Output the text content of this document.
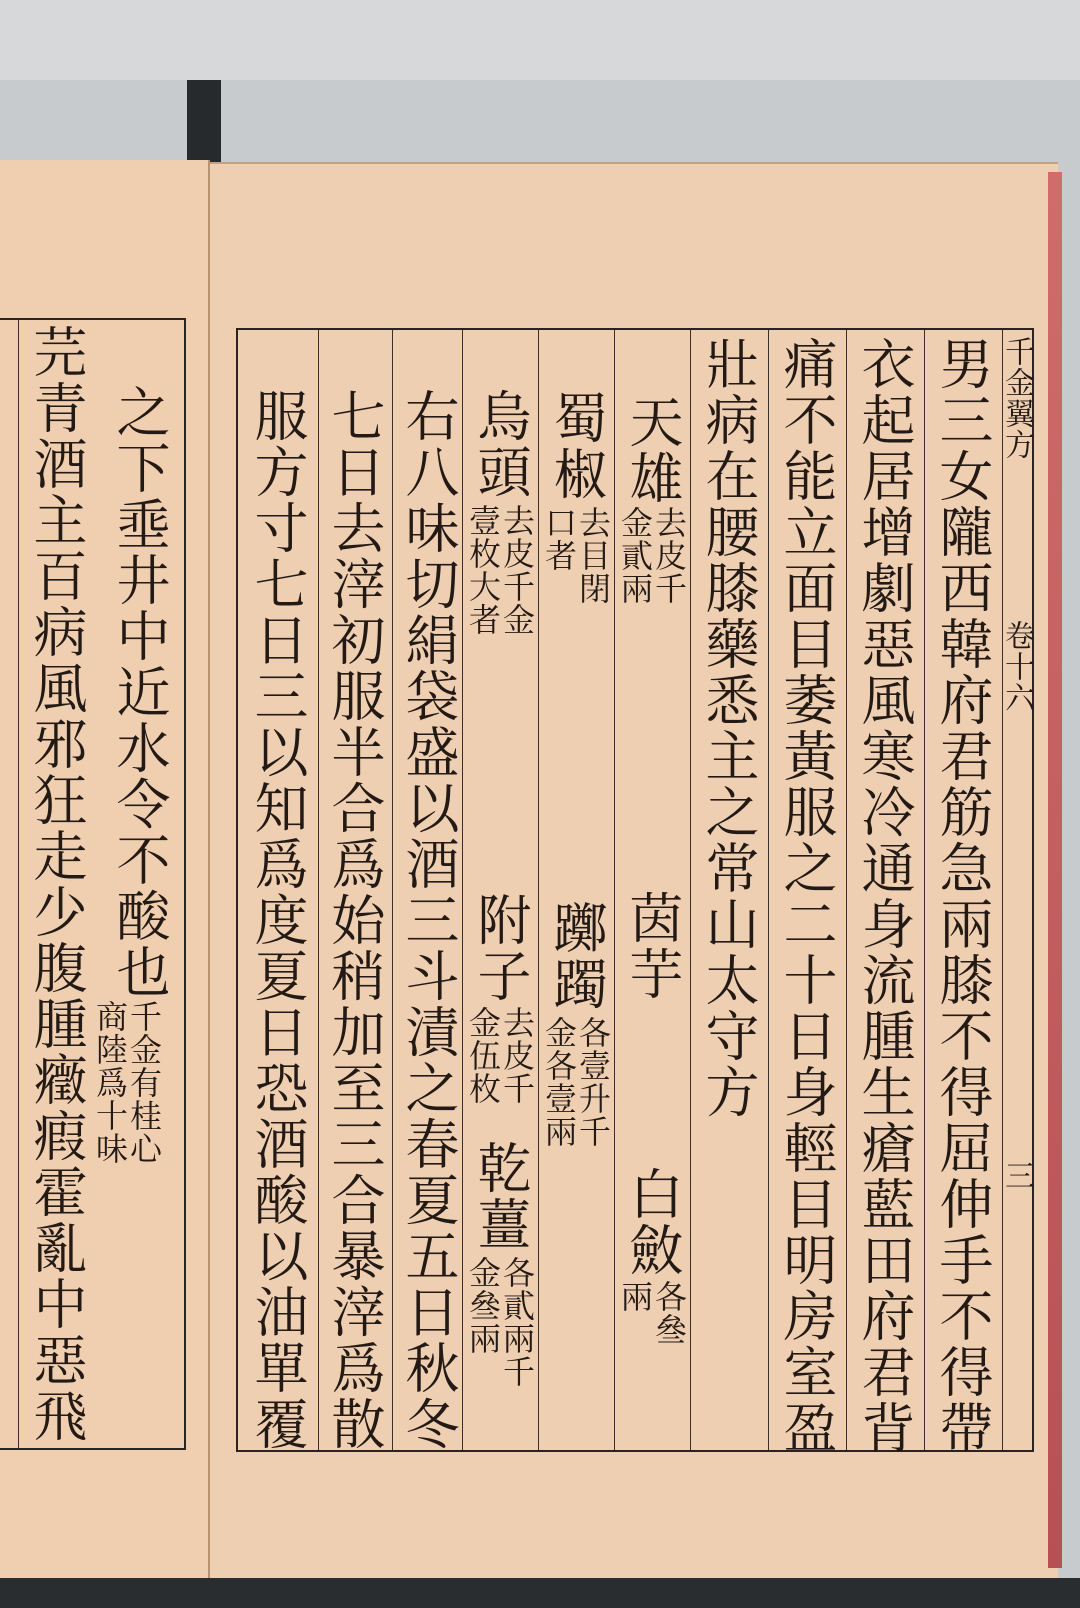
之下埀井中近水令不酸也
千金有桂心
商陸爲十味
芫青酒主百病風邪狂走少腹腫癥瘕霍亂中惡飛	千金翼方
卷十六
三
男三女隴西韓府君筋急兩膝不得屈伸手不得帶
衣起居增劇惡風寒冷通身流腫生瘡藍田府君背
痛不能立面目萎黃服之二十日身輕目明房室盈
壯病在腰膝藥悉主之常山太守方
天雄
去皮千
金貳兩
茵芋
白斂
各叄
兩
蜀椒
去目閉
口者
躑躅
各壹升千
金各壹兩
烏頭
去皮千金
壹枚大者
附子
去皮千
金伍枚
乾薑
各貳兩千
金叄兩
右八味切絹袋盛以酒三斗漬之春夏五日秋冬
七日去滓初服半合爲始稍加至三合暴滓爲散
服方寸七日三以知爲度夏日恐酒酸以油單覆
